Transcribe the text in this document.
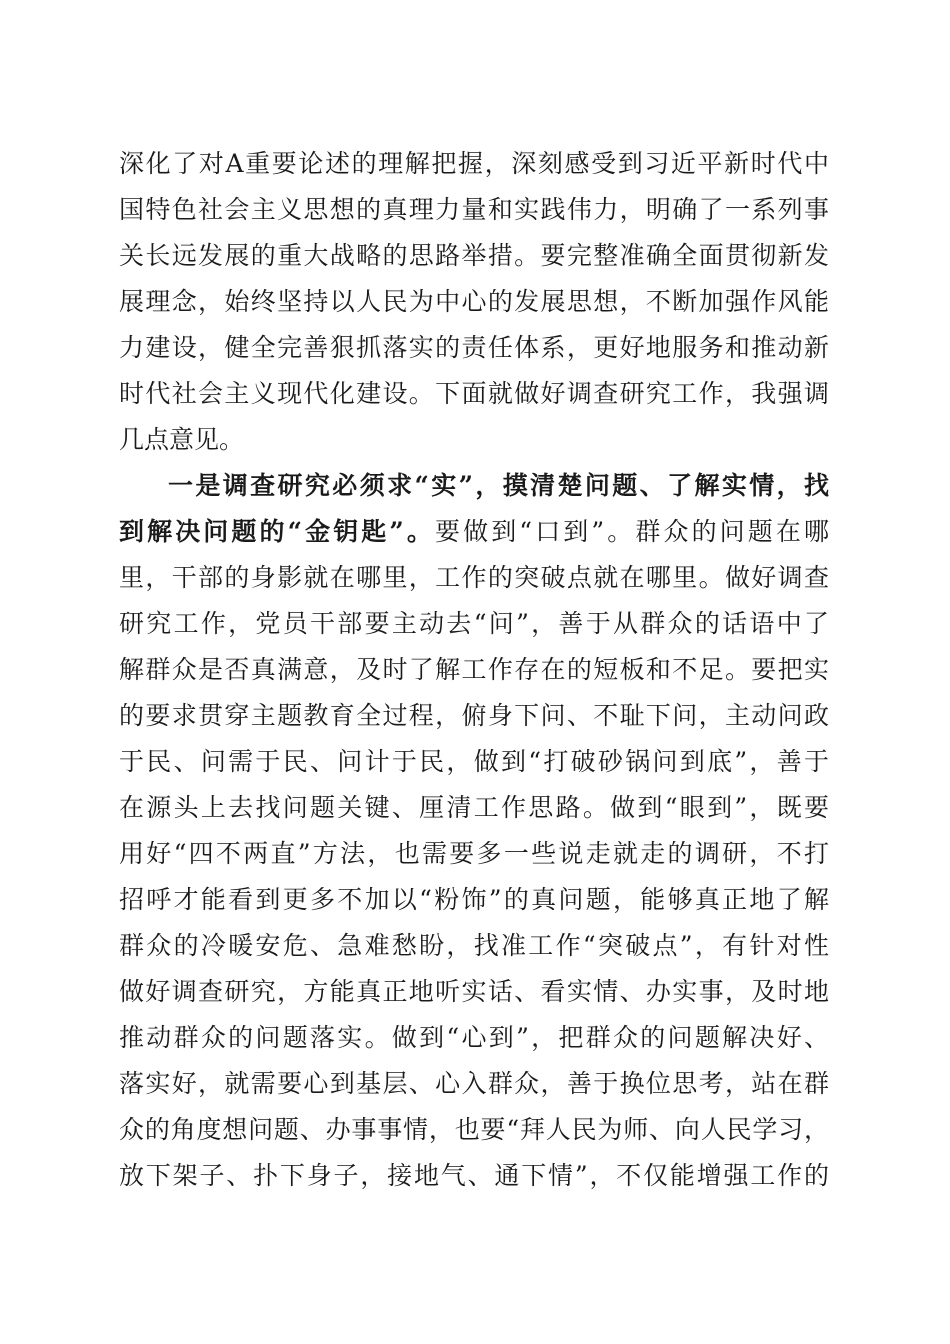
深化了对A重要论述的理解把握，深刻感受到习近平新时代中
国特色社会主义思想的真理力量和实践伟力，明确了一系列事
关长远发展的重大战略的思路举措。要完整准确全面贯彻新发
展理念，始终坚持以人民为中心的发展思想，不断加强作风能
力建设，健全完善狠抓落实的责任体系，更好地服务和推动新
时代社会主义现代化建设。下面就做好调查研究工作，我强调
几点意见。
一是调查研究必须求“实”，摸清楚问题、了解实情，找
到解决问题的“金钥匙”。要做到“口到”。群众的问题在哪
里，干部的身影就在哪里，工作的突破点就在哪里。做好调查
研究工作，党员干部要主动去“问”，善于从群众的话语中了
解群众是否真满意，及时了解工作存在的短板和不足。要把实
的要求贯穿主题教育全过程，俯身下问、不耻下问，主动问政
于民、问需于民、问计于民，做到“打破砂锅问到底”，善于
在源头上去找问题关键、厘清工作思路。做到“眼到”，既要
用好“四不两直”方法，也需要多一些说走就走的调研，不打
招呼才能看到更多不加以“粉饰”的真问题，能够真正地了解
群众的冷暖安危、急难愁盼，找准工作“突破点”，有针对性
做好调查研究，方能真正地听实话、看实情、办实事，及时地
推动群众的问题落实。做到“心到”，把群众的问题解决好、
落实好，就需要心到基层、心入群众，善于换位思考，站在群
众的角度想问题、办事事情，也要“拜人民为师、向人民学习，
放下架子、扑下身子，接地气、通下情”，不仅能增强工作的
